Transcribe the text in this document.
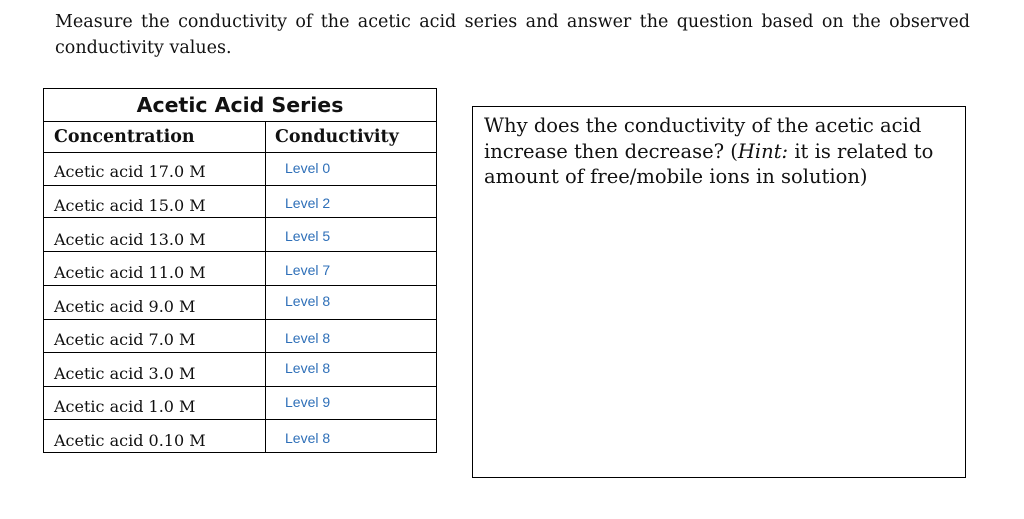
Measure the conductivity of the acetic acid series and answer the question based on the observed conductivity values.
Acetic Acid Series
Concentration	Conductivity
Acetic acid 17.0 M	Level 0
Acetic acid 15.0 M	Level 2
Acetic acid 13.0 M	Level 5
Acetic acid 11.0 M	Level 7
Acetic acid 9.0 M	Level 8
Acetic acid 7.0 M	Level 8
Acetic acid 3.0 M	Level 8
Acetic acid 1.0 M	Level 9
Acetic acid 0.10 M	Level 8
Why does the conductivity of the acetic acid increase then decrease? (Hint: it is related to amount of free/mobile ions in solution)
